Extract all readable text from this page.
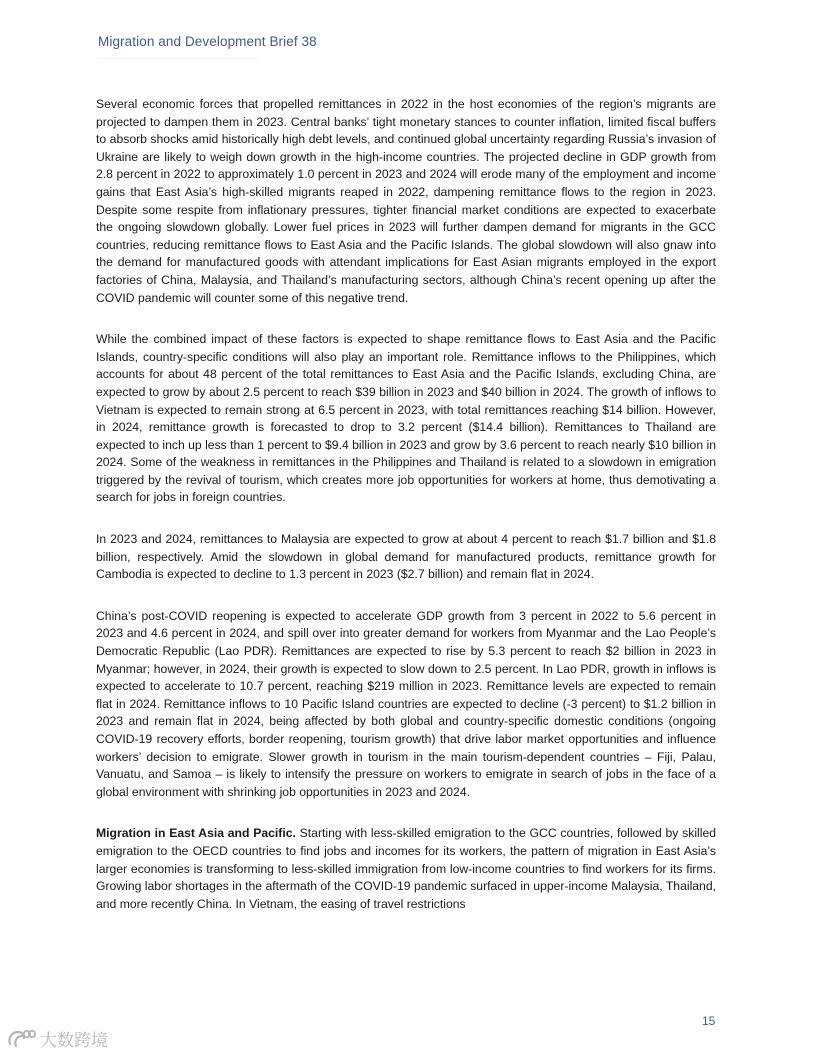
Migration and Development Brief 38

Several economic forces that propelled remittances in 2022 in the host economies of the region’s migrants are projected to dampen them in 2023. Central banks’ tight monetary stances to counter inflation, limited fiscal buffers to absorb shocks amid historically high debt levels, and continued global uncertainty regarding Russia’s invasion of Ukraine are likely to weigh down growth in the high-income countries. The projected decline in GDP growth from 2.8 percent in 2022 to approximately 1.0 percent in 2023 and 2024 will erode many of the employment and income gains that East Asia’s high-skilled migrants reaped in 2022, dampening remittance flows to the region in 2023. Despite some respite from inflationary pressures, tighter financial market conditions are expected to exacerbate the ongoing slowdown globally. Lower fuel prices in 2023 will further dampen demand for migrants in the GCC countries, reducing remittance flows to East Asia and the Pacific Islands. The global slowdown will also gnaw into the demand for manufactured goods with attendant implications for East Asian migrants employed in the export factories of China, Malaysia, and Thailand’s manufacturing sectors, although China’s recent opening up after the COVID pandemic will counter some of this negative trend.

While the combined impact of these factors is expected to shape remittance flows to East Asia and the Pacific Islands, country-specific conditions will also play an important role. Remittance inflows to the Philippines, which accounts for about 48 percent of the total remittances to East Asia and the Pacific Islands, excluding China, are expected to grow by about 2.5 percent to reach $39 billion in 2023 and $40 billion in 2024. The growth of inflows to Vietnam is expected to remain strong at 6.5 percent in 2023, with total remittances reaching $14 billion. However, in 2024, remittance growth is forecasted to drop to 3.2 percent ($14.4 billion). Remittances to Thailand are expected to inch up less than 1 percent to $9.4 billion in 2023 and grow by 3.6 percent to reach nearly $10 billion in 2024. Some of the weakness in remittances in the Philippines and Thailand is related to a slowdown in emigration triggered by the revival of tourism, which creates more job opportunities for workers at home, thus demotivating a search for jobs in foreign countries.

In 2023 and 2024, remittances to Malaysia are expected to grow at about 4 percent to reach $1.7 billion and $1.8 billion, respectively. Amid the slowdown in global demand for manufactured products, remittance growth for Cambodia is expected to decline to 1.3 percent in 2023 ($2.7 billion) and remain flat in 2024.

China’s post-COVID reopening is expected to accelerate GDP growth from 3 percent in 2022 to 5.6 percent in 2023 and 4.6 percent in 2024, and spill over into greater demand for workers from Myanmar and the Lao People’s Democratic Republic (Lao PDR). Remittances are expected to rise by 5.3 percent to reach $2 billion in 2023 in Myanmar; however, in 2024, their growth is expected to slow down to 2.5 percent. In Lao PDR, growth in inflows is expected to accelerate to 10.7 percent, reaching $219 million in 2023. Remittance levels are expected to remain flat in 2024. Remittance inflows to 10 Pacific Island countries are expected to decline (-3 percent) to $1.2 billion in 2023 and remain flat in 2024, being affected by both global and country-specific domestic conditions (ongoing COVID-19 recovery efforts, border reopening, tourism growth) that drive labor market opportunities and influence workers’ decision to emigrate. Slower growth in tourism in the main tourism-dependent countries – Fiji, Palau, Vanuatu, and Samoa – is likely to intensify the pressure on workers to emigrate in search of jobs in the face of a global environment with shrinking job opportunities in 2023 and 2024.

Migration in East Asia and Pacific. Starting with less-skilled emigration to the GCC countries, followed by skilled emigration to the OECD countries to find jobs and incomes for its workers, the pattern of migration in East Asia’s larger economies is transforming to less-skilled immigration from low-income countries to find workers for its firms. Growing labor shortages in the aftermath of the COVID-19 pandemic surfaced in upper-income Malaysia, Thailand, and more recently China. In Vietnam, the easing of travel restrictions

15
大数跨境
